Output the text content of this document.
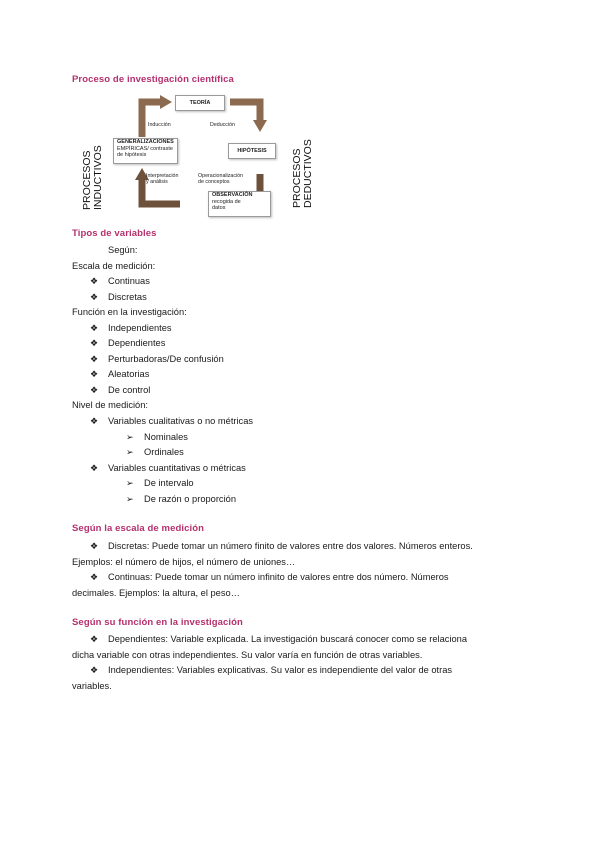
Proceso de investigación científica
TEORÍA
HIPÓTESIS
OBSERVACIÓN
recogida de
datos
GENERALIZACIONES
EMPÍRICAS/ contraste
de hipótesis
Inducción	Deducción
Operacionalización
de conceptos
Interpretación
y análisis
PROCESOS INDUCTIVOS	PROCESOS DEDUCTIVOS
Tipos de variables
Según:
Escala de medición:
❖ Continuas
❖ Discretas
Función en la investigación:
❖ Independientes
❖ Dependientes
❖ Perturbadoras/De confusión
❖ Aleatorias
❖ De control
Nivel de medición:
❖ Variables cualitativas o no métricas
➢ Nominales
➢ Ordinales
❖ Variables cuantitativas o métricas
➢ De intervalo
➢ De razón o proporción
Según la escala de medición
❖ Discretas: Puede tomar un número finito de valores entre dos valores. Números enteros.
Ejemplos: el número de hijos, el número de uniones…
❖ Continuas: Puede tomar un número infinito de valores entre dos número. Números
decimales. Ejemplos: la altura, el peso…
Según su función en la investigación
❖ Dependientes: Variable explicada. La investigación buscará conocer como se relaciona
dicha variable con otras independientes. Su valor varía en función de otras variables.
❖ Independientes: Variables explicativas. Su valor es independiente del valor de otras
variables.
